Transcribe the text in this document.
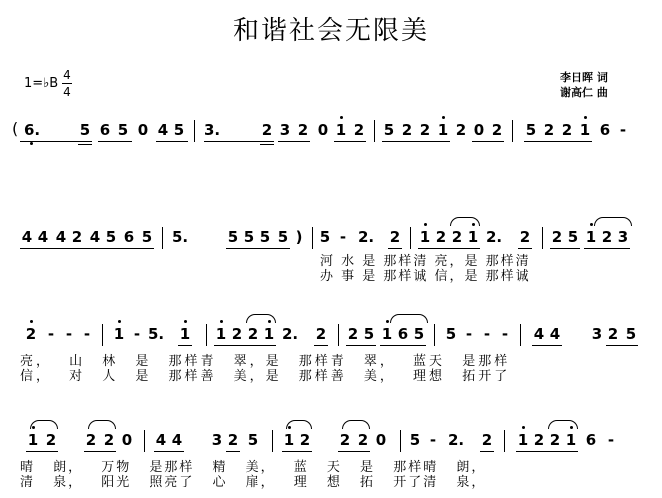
和谐社会无限美
1=♭B
4
4
李日晖 词
谢高仁 曲
( 6.	5 6 5 0 4 5 3.	2 3 2 0 1 2 5 2 2 1 2 0 2 5 2 2 1 6 -
4 4 4 2 4 5 6 5 5.	5 5 5 5 ) 5 - 2. 2 1 2 2 1 2. 2 2 5 1 2 3
河 水 是 那样清 亮，是 那样清
办 事 是 那样诚 信，是 那样诚
2 - - - 1 - 5. 1 1 2 2 1 2. 2 2 5 1 6 5 5 - - - 4 4 3 2 5
亮， 山 林 是 那样青 翠，是 那样青 翠， 蓝天 是那样
信， 对 人 是 那样善 美，是 那样善 美， 理想 拓开了
1 2 2 2 0 4 4 3 2 5 1 2 2 2 0 5 - 2. 2 1 2 2 1 6 -
晴 朗， 万物 是那样 精 美， 蓝 天 是 那样晴 朗，
清 泉， 阳光 照亮了 心 扉， 理 想 拓 开了清 泉，
